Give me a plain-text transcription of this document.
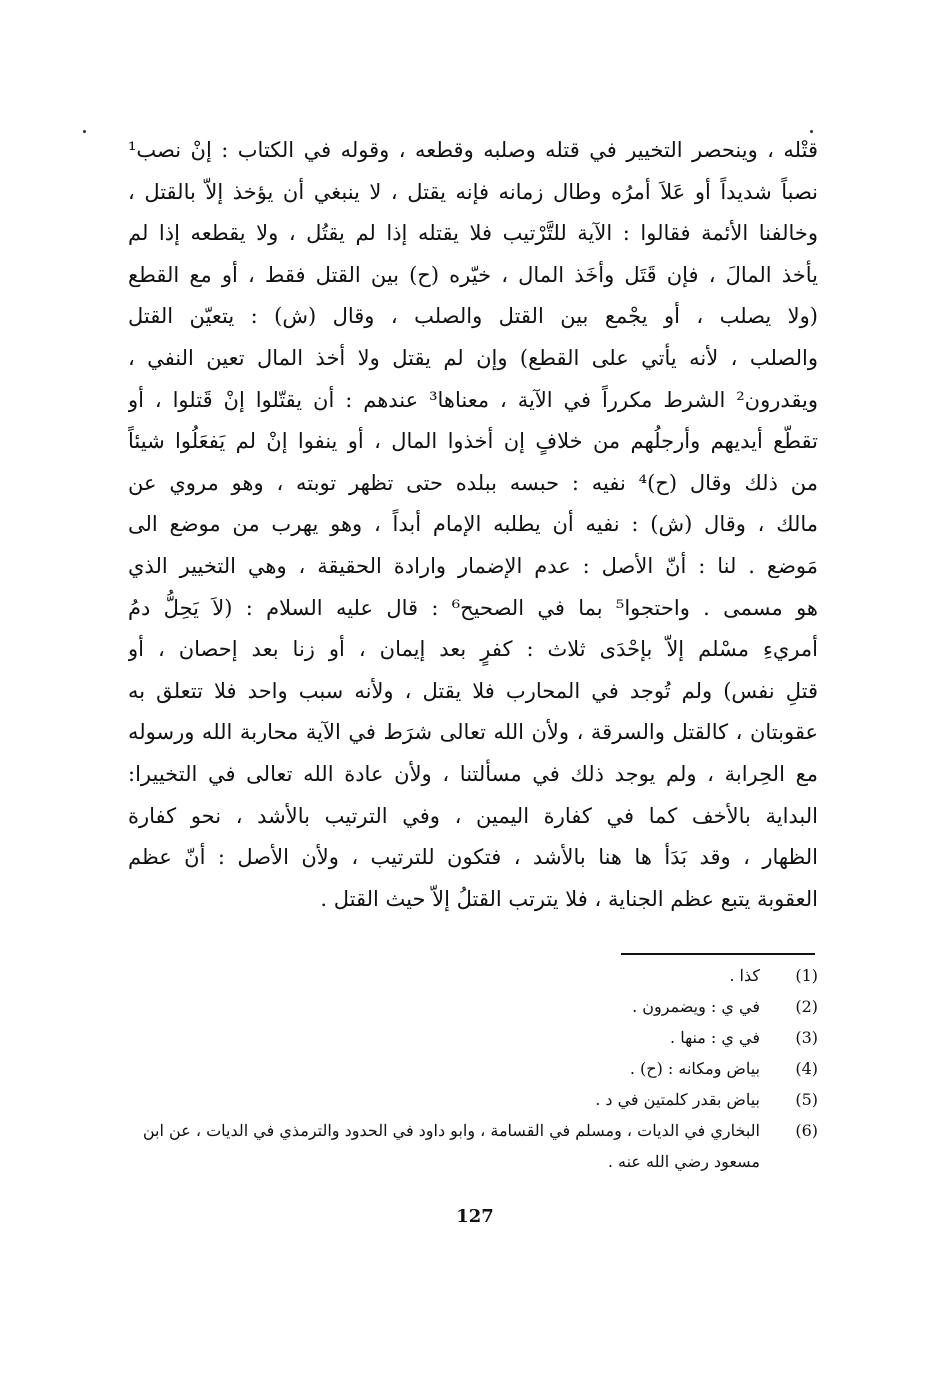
قتْله ، وينحصر التخيير في قتله وصلبه وقطعه ، وقوله في الكتاب : إنْ نصب¹
نصباً شديداً أو عَلاَ أمرُه وطال زمانه فإنه يقتل ، لا ينبغي أن يؤخذ إلاّ بالقتل ،
وخالفنا الأئمة فقالوا : الآية للتَّرْتيب فلا يقتله إذا لم يقتُل ، ولا يقطعه إذا لم
يأخذ المالَ ، فإن قَتَل وأخَذ المال ، خيّره (ح) بين القتل فقط ، أو مع القطع
(ولا يصلب ، أو يجْمع بين القتل والصلب ، وقال (ش) : يتعيّن القتل
والصلب ، لأنه يأتي على القطع) وإن لم يقتل ولا أخذ المال تعين النفي ،
ويقدرون² الشرط مكرراً في الآية ، معناها³ عندهم : أن يقتّلوا إنْ قَتلوا ، أو
تقطّع أيديهم وأرجلُهم من خلافٍ إن أخذوا المال ، أو ينفوا إنْ لم يَفعَلُوا شيئاً
من ذلك وقال (ح)⁴ نفيه : حبسه ببلده حتى تظهر توبته ، وهو مروي عن
مالك ، وقال (ش) : نفيه أن يطلبه الإمام أبداً ، وهو يهرب من موضع الى
مَوضع . لنا : أنّ الأصل : عدم الإضمار وارادة الحقيقة ، وهي التخيير الذي
هو مسمى . واحتجوا⁵ بما في الصحيح⁶ : قال عليه السلام : (لاَ يَحِلُّ دمُ
أمريءِ مسْلم إلاّ بإحْدَى ثلاث : كفرٍ بعد إيمان ، أو زنا بعد إحصان ، أو
قتلِ نفس) ولم تُوجد في المحارب فلا يقتل ، ولأنه سبب واحد فلا تتعلق به
عقوبتان ، كالقتل والسرقة ، ولأن الله تعالى شرَط في الآية محاربة الله ورسوله
مع الحِرابة ، ولم يوجد ذلك في مسألتنا ، ولأن عادة الله تعالى في التخييرا:
البداية بالأخف كما في كفارة اليمين ، وفي الترتيب بالأشد ، نحو كفارة
الظهار ، وقد بَدَأ ها هنا بالأشد ، فتكون للترتيب ، ولأن الأصل : أنّ عظم
العقوبة يتبع عظم الجناية ، فلا يترتب القتلُ إلاّ حيث القتل .
(1)
كذا .
(2)
في ي : ويضمرون .
(3)
في ي : منها .
(4)
بياض ومكانه : (ح) .
(5)
بياض بقدر كلمتين في د .
(6)
البخاري في الديات ، ومسلم في القسامة ، وابو داود في الحدود والترمذي في الديات ، عن ابن
مسعود رضي الله عنه .
127
